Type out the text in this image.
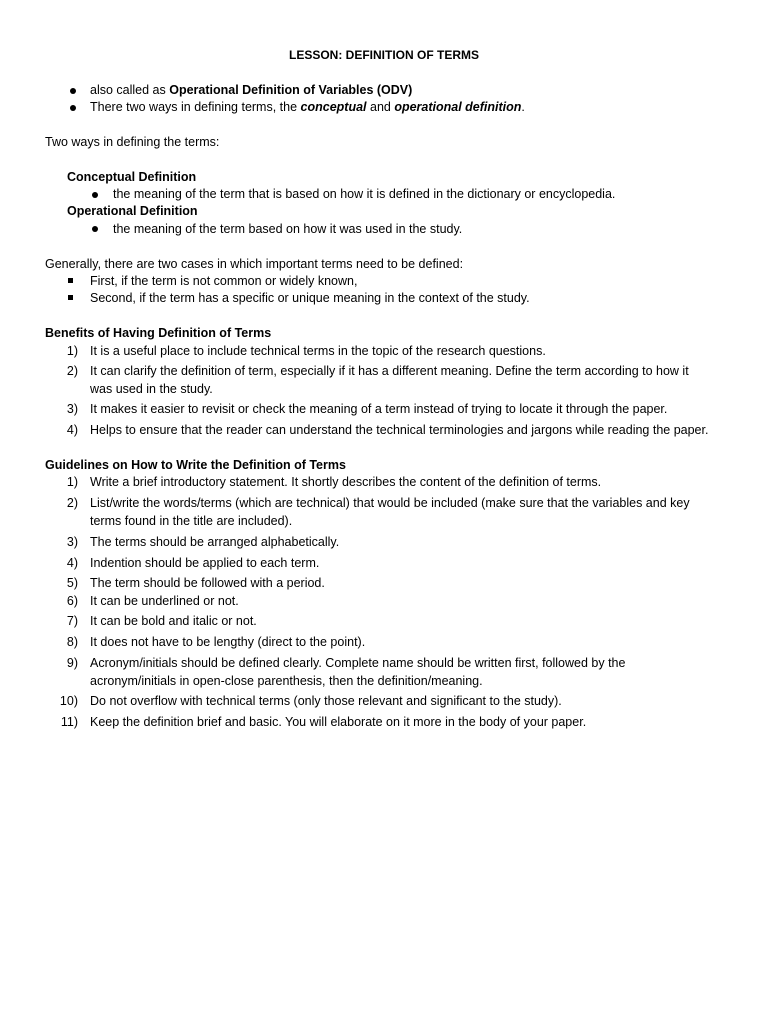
LESSON: DEFINITION OF TERMS
also called as Operational Definition of Variables (ODV)
There two ways in defining terms, the conceptual and operational definition.
Two ways in defining the terms:
Conceptual Definition
the meaning of the term that is based on how it is defined in the dictionary or encyclopedia.
Operational Definition
the meaning of the term based on how it was used in the study.
Generally, there are two cases in which important terms need to be defined:
First, if the term is not common or widely known,
Second, if the term has a specific or unique meaning in the context of the study.
Benefits of Having Definition of Terms
1) It is a useful place to include technical terms in the topic of the research questions.
2) It can clarify the definition of term, especially if it has a different meaning. Define the term according to how it
was used in the study.
3) It makes it easier to revisit or check the meaning of a term instead of trying to locate it through the paper.
4) Helps to ensure that the reader can understand the technical terminologies and jargons while reading the paper.
Guidelines on How to Write the Definition of Terms
1) Write a brief introductory statement. It shortly describes the content of the definition of terms.
2) List/write the words/terms (which are technical) that would be included (make sure that the variables and key
terms found in the title are included).
3) The terms should be arranged alphabetically.
4) Indention should be applied to each term.
5) The term should be followed with a period.
6) It can be underlined or not.
7) It can be bold and italic or not.
8) It does not have to be lengthy (direct to the point).
9) Acronym/initials should be defined clearly. Complete name should be written first, followed by the
acronym/initials in open-close parenthesis, then the definition/meaning.
10) Do not overflow with technical terms (only those relevant and significant to the study).
11) Keep the definition brief and basic. You will elaborate on it more in the body of your paper.
